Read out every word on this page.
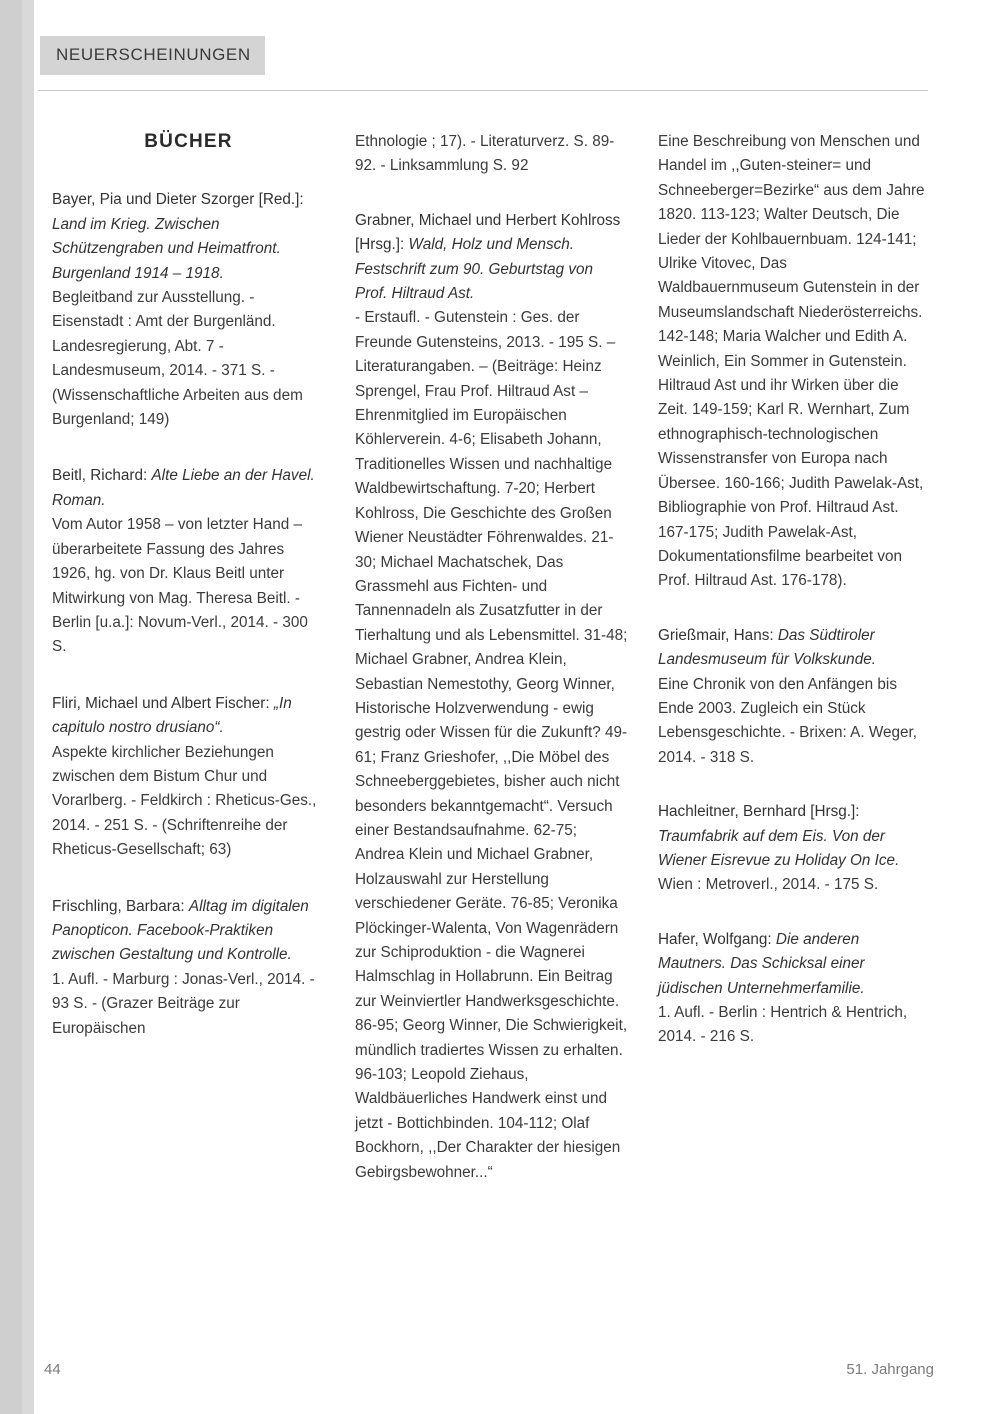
NEUERSCHEINUNGEN
BÜCHER

Bayer, Pia und Dieter Szorger [Red.]: Land im Krieg. Zwischen Schützengraben und Heimatfront. Burgenland 1914 – 1918.

Begleitband zur Ausstellung. - Eisenstadt : Amt der Burgenländ. Landesregierung, Abt. 7 - Landesmuseum, 2014. - 371 S. - (Wissenschaftliche Arbeiten aus dem Burgenland; 149)

Beitl, Richard: Alte Liebe an der Havel. Roman.

Vom Autor 1958 – von letzter Hand – überarbeitete Fassung des Jahres 1926, hg. von Dr. Klaus Beitl unter Mitwirkung von Mag. Theresa Beitl. - Berlin [u.a.]: Novum-Verl., 2014. - 300 S.

Fliri, Michael und Albert Fischer: „In capitulo nostro drusiano“.

Aspekte kirchlicher Beziehungen zwischen dem Bistum Chur und Vorarlberg. - Feldkirch : Rheticus-Ges., 2014. - 251 S. - (Schriftenreihe der Rheticus-Gesellschaft; 63)

Frischling, Barbara: Alltag im digitalen Panopticon. Facebook-Praktiken zwischen Gestaltung und Kontrolle.

1. Aufl. - Marburg : Jonas-Verl., 2014. - 93 S. - (Grazer Beiträge zur Europäischen

Ethnologie ; 17). - Literaturverz. S. 89-92. - Linksammlung S. 92

Grabner, Michael und Herbert Kohlross [Hrsg.]: Wald, Holz und Mensch. Festschrift zum 90. Geburtstag von Prof. Hiltraud Ast.

- Erstaufl. - Gutenstein : Ges. der Freunde Gutensteins, 2013. - 195 S. – Literaturangaben. – (Beiträge: Heinz Sprengel, Frau Prof. Hiltraud Ast – Ehrenmitglied im Europäischen Köhlerverein. 4-6; Elisabeth Johann, Traditionelles Wissen und nachhaltige Waldbewirtschaftung. 7-20; Herbert Kohlross, Die Geschichte des Großen Wiener Neustädter Föhrenwaldes. 21-30; Michael Machatschek, Das Grassmehl aus Fichten- und Tannennadeln als Zusatzfutter in der Tierhaltung und als Lebensmittel. 31-48; Michael Grabner, Andrea Klein, Sebastian Nemestothy, Georg Winner, Historische Holzverwendung - ewig gestrig oder Wissen für die Zukunft? 49-61; Franz Grieshofer, ,,Die Möbel des Schneeberggebietes, bisher auch nicht besonders bekanntgemacht“. Versuch einer Bestandsaufnahme. 62-75; Andrea Klein und Michael Grabner, Holzauswahl zur Herstellung verschiedener Geräte. 76-85; Veronika Plöckinger-Walenta, Von Wagenrädern zur Schiproduktion - die Wagnerei Halmschlag in Hollabrunn. Ein Beitrag zur Weinviertler Handwerksgeschichte. 86-95; Georg Winner, Die Schwierigkeit, mündlich tradiertes Wissen zu erhalten. 96-103; Leopold Ziehaus, Waldbäuerliches Handwerk einst und jetzt - Bottichbinden. 104-112; Olaf Bockhorn, ,,Der Charakter der hiesigen Gebirgsbewohner...“

Eine Beschreibung von Menschen und Handel im ,,Guten-steiner= und Schneeberger=Bezirke“ aus dem Jahre 1820. 113-123; Walter Deutsch, Die Lieder der Kohlbauernbuam. 124-141; Ulrike Vitovec, Das Waldbauernmuseum Gutenstein in der Museumslandschaft Niederösterreichs. 142-148; Maria Walcher und Edith A. Weinlich, Ein Sommer in Gutenstein. Hiltraud Ast und ihr Wirken über die Zeit. 149-159; Karl R. Wernhart, Zum ethnographisch-technologischen Wissenstransfer von Europa nach Übersee. 160-166; Judith Pawelak-Ast, Bibliographie von Prof. Hiltraud Ast. 167-175; Judith Pawelak-Ast, Dokumentationsfilme bearbeitet von Prof. Hiltraud Ast. 176-178).

Grießmair, Hans: Das Südtiroler Landesmuseum für Volkskunde.

Eine Chronik von den Anfängen bis Ende 2003. Zugleich ein Stück Lebensgeschichte. - Brixen: A. Weger, 2014. - 318 S.

Hachleitner, Bernhard [Hrsg.]: Traumfabrik auf dem Eis. Von der Wiener Eisrevue zu Holiday On Ice.

Wien : Metroverl., 2014. - 175 S.

Hafer, Wolfgang: Die anderen Mautners. Das Schicksal einer jüdischen Unternehmerfamilie.

1. Aufl. - Berlin : Hentrich & Hentrich, 2014. - 216 S.

44	51. Jahrgang
